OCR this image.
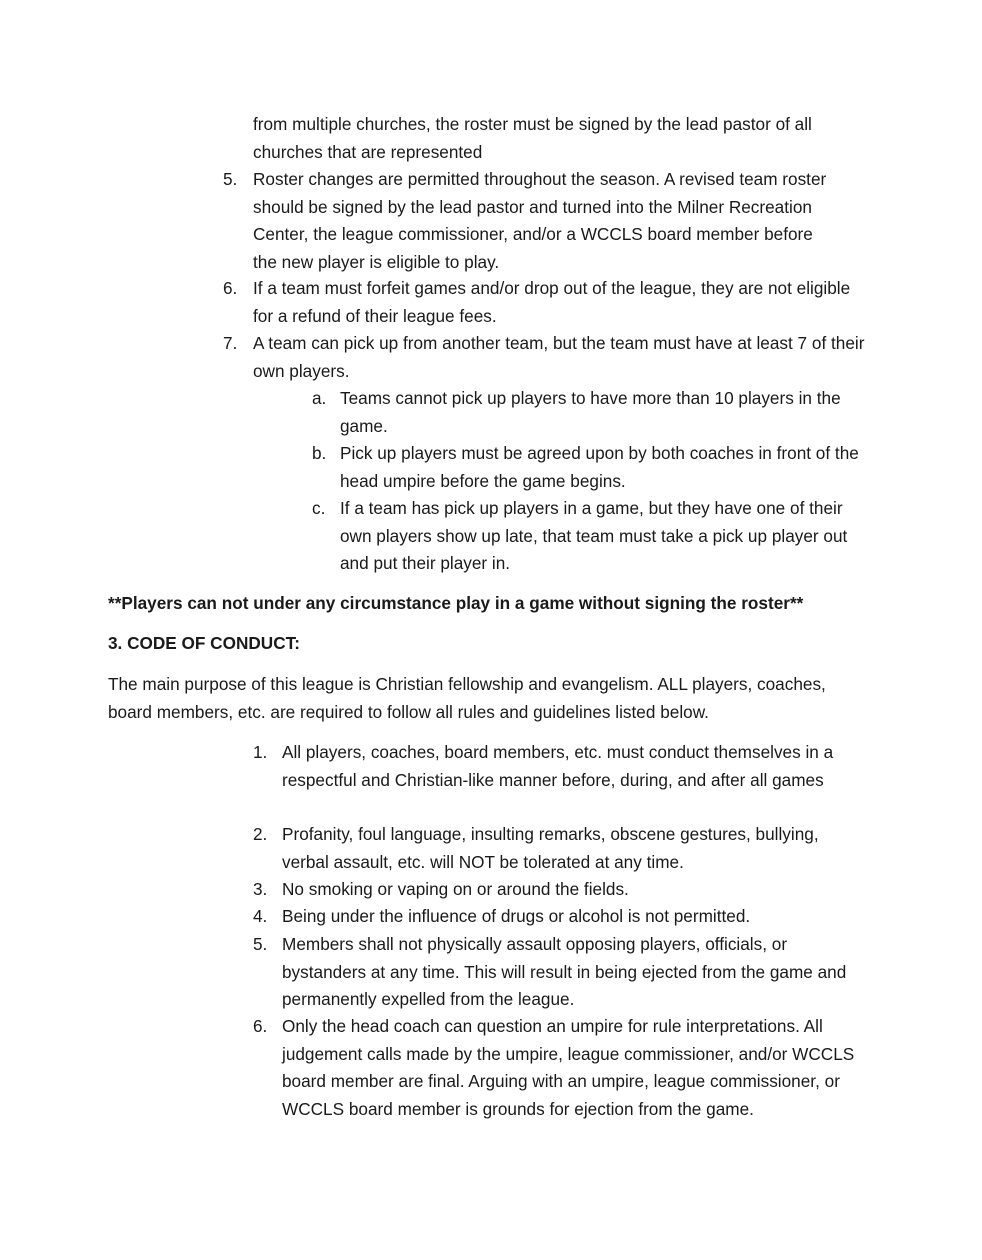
from multiple churches, the roster must be signed by the lead pastor of all churches that are represented
5. Roster changes are permitted throughout the season. A revised team roster should be signed by the lead pastor and turned into the Milner Recreation Center, the league commissioner, and/or a WCCLS board member before the new player is eligible to play.
6. If a team must forfeit games and/or drop out of the league, they are not eligible for a refund of their league fees.
7. A team can pick up from another team, but the team must have at least 7 of their own players.
a. Teams cannot pick up players to have more than 10 players in the game.
b. Pick up players must be agreed upon by both coaches in front of the head umpire before the game begins.
c. If a team has pick up players in a game, but they have one of their own players show up late, that team must take a pick up player out and put their player in.
**Players can not under any circumstance play in a game without signing the roster**
3. CODE OF CONDUCT:
The main purpose of this league is Christian fellowship and evangelism. ALL players, coaches, board members, etc. are required to follow all rules and guidelines listed below.
1. All players, coaches, board members, etc. must conduct themselves in a respectful and Christian-like manner before, during, and after all games
2. Profanity, foul language, insulting remarks, obscene gestures, bullying, verbal assault, etc. will NOT be tolerated at any time.
3. No smoking or vaping on or around the fields.
4. Being under the influence of drugs or alcohol is not permitted.
5. Members shall not physically assault opposing players, officials, or bystanders at any time. This will result in being ejected from the game and permanently expelled from the league.
6. Only the head coach can question an umpire for rule interpretations. All judgement calls made by the umpire, league commissioner, and/or WCCLS board member are final. Arguing with an umpire, league commissioner, or WCCLS board member is grounds for ejection from the game.
